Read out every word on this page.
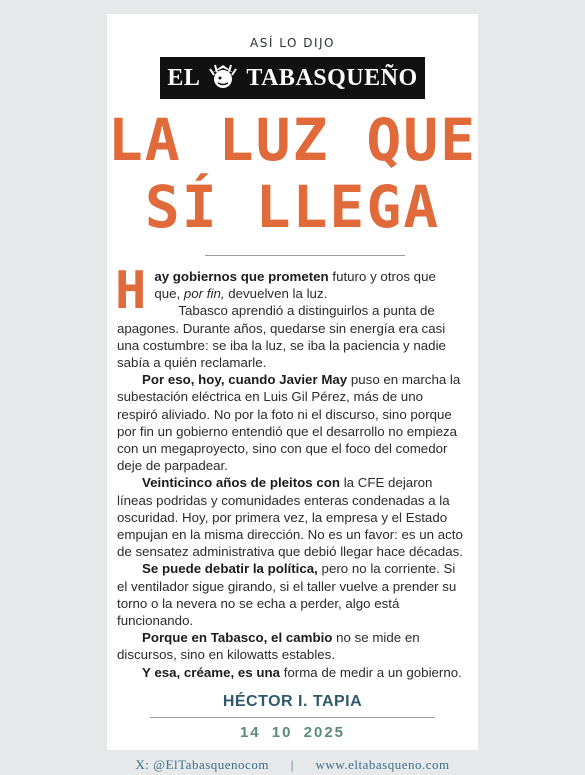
ASÍ LO DIJO
EL TABASQUEÑO
LA LUZ QUE
SÍ LLEGA

Hay gobiernos que prometen futuro y otros que
que, por fin, devuelven la luz.
Tabasco aprendió a distinguirlos a punta de apagones. Durante años, quedarse sin energía era casi una costumbre: se iba la luz, se iba la paciencia y nadie sabía a quién reclamarle.

Por eso, hoy, cuando Javier May puso en marcha la subestación eléctrica en Luis Gil Pérez, más de uno respiró aliviado. No por la foto ni el discurso, sino porque por fin un gobierno entendió que el desarrollo no empieza con un megaproyecto, sino con que el foco del comedor deje de parpadear.

Veinticinco años de pleitos con la CFE dejaron líneas podridas y comunidades enteras condenadas a la oscuridad. Hoy, por primera vez, la empresa y el Estado empujan en la misma dirección. No es un favor: es un acto de sensatez administrativa que debió llegar hace décadas.

Se puede debatir la política, pero no la corriente. Si el ventilador sigue girando, si el taller vuelve a prender su torno o la nevera no se echa a perder, algo está funcionando.

Porque en Tabasco, el cambio no se mide en discursos, sino en kilowatts estables.

Y esa, créame, es una forma de medir a un gobierno.

HÉCTOR I. TAPIA
14 10 2025
X: @ElTabasquenocom | www.eltabasqueno.com
